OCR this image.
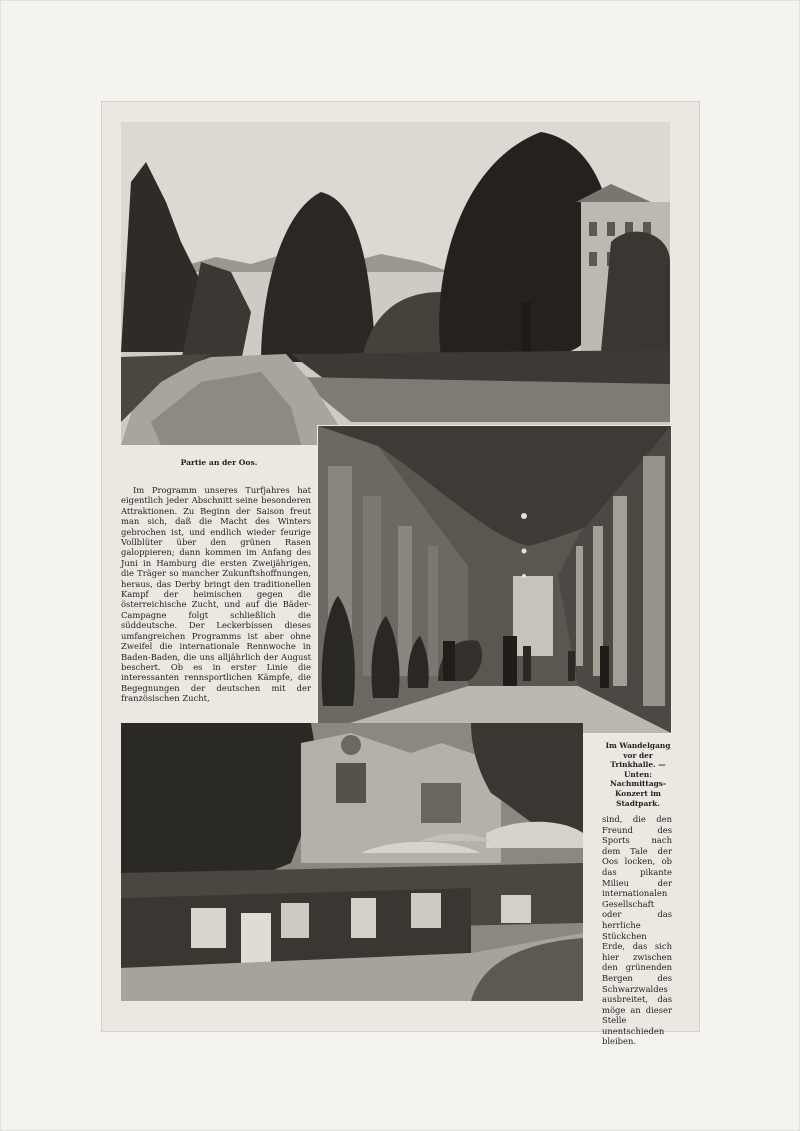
Partie an der Oos.

Im Programm unseres Turfjahres hat eigentlich jeder Abschnitt seine besonderen Attraktionen. Zu Beginn der Saison freut man sich, daß die Macht des Winters gebrochen ist, und endlich wieder feurige Vollblüter über den grünen Rasen galoppieren; dann kommen im Anfang des Juni in Hamburg die ersten Zweijährigen, die Träger so mancher Zukunftshoffnungen, heraus, das Derby bringt den traditionellen Kampf der heimischen gegen die österreichische Zucht, und auf die Bäder-Campagne folgt schließlich die süddeutsche. Der Leckerbissen dieses umfangreichen Programms ist aber ohne Zweifel die internationale Rennwoche in Baden-Baden, die uns alljährlich der August beschert. Ob es in erster Linie die interessanten rennsportlichen Kämpfe, die Begegnungen der deutschen mit der französischen Zucht,

Im Wandelgang vor der Trinkhalle. — Unten: Nachmittags-Konzert im Stadtpark.

sind, die den Freund des Sports nach dem Tale der Oos locken, ob das pikante Milieu der internationalen Gesellschaft oder das herrliche Stückchen Erde, das sich hier zwischen den grünenden Bergen des Schwarzwaldes ausbreitet, das möge an dieser Stelle unentschieden bleiben.
